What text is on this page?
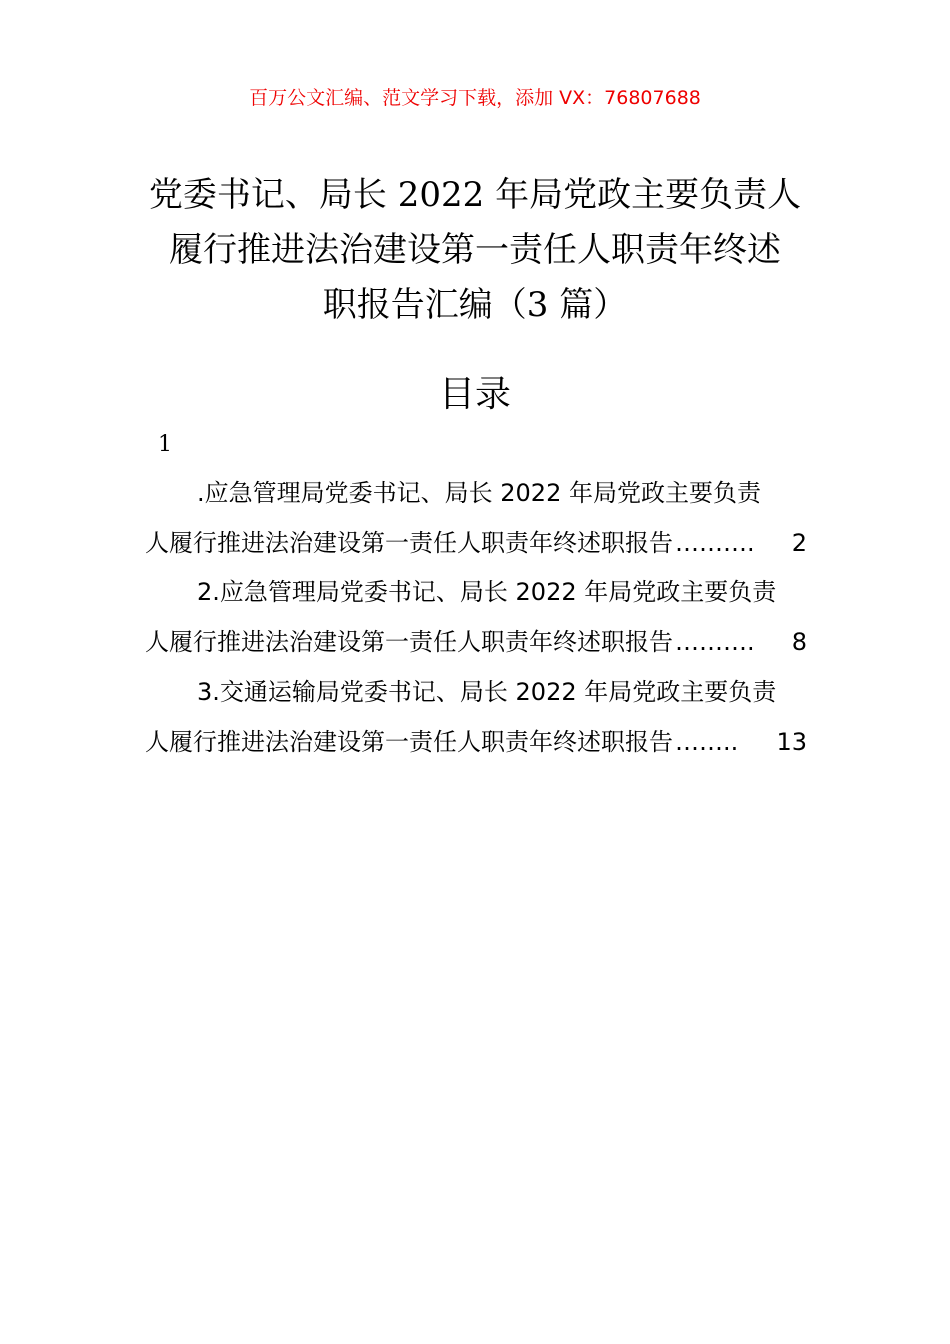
百万公文汇编、范文学习下载，添加 VX：76807688
党委书记、局长 2022 年局党政主要负责人
履行推进法治建设第一责任人职责年终述
职报告汇编（3 篇）
目录
1
.应急管理局党委书记、局长 2022 年局党政主要负责
人履行推进法治建设第一责任人职责年终述职报告 ……….	2
2.应急管理局党委书记、局长 2022 年局党政主要负责
人履行推进法治建设第一责任人职责年终述职报告 ……….	8
3.交通运输局党委书记、局长 2022 年局党政主要负责
人履行推进法治建设第一责任人职责年终述职报告 ……..	13
